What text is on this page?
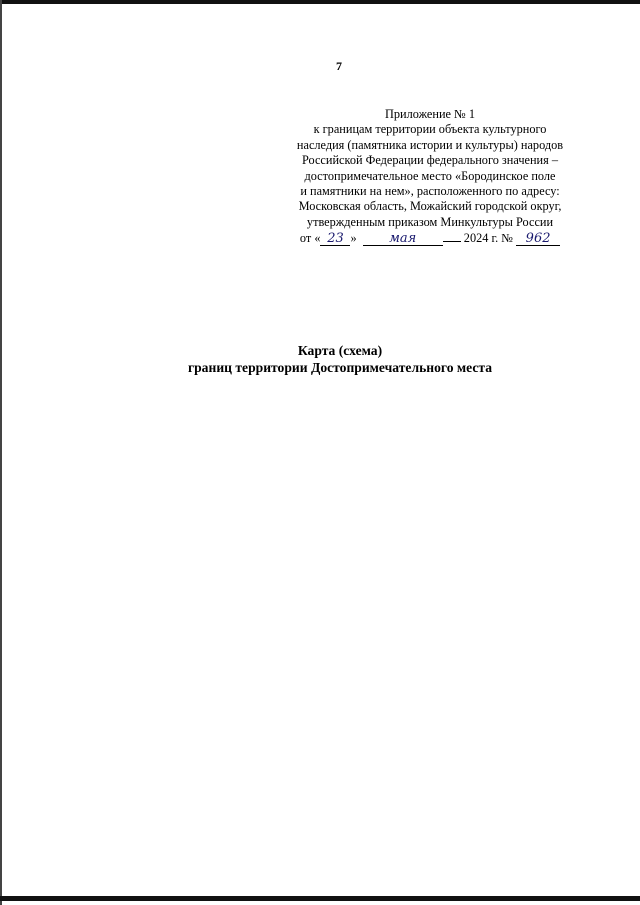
7
Приложение № 1
к границам территории объекта культурного
наследия (памятника истории и культуры) народов
Российской Федерации федерального значения –
достопримечательное место «Бородинское поле
и памятники на нем», расположенного по адресу:
Московская область, Можайский городской округ,
утвержденным приказом Минкультуры России
от « 23 »	мая	2024 г. № 962
Карта (схема)
границ территории Достопримечательного места
